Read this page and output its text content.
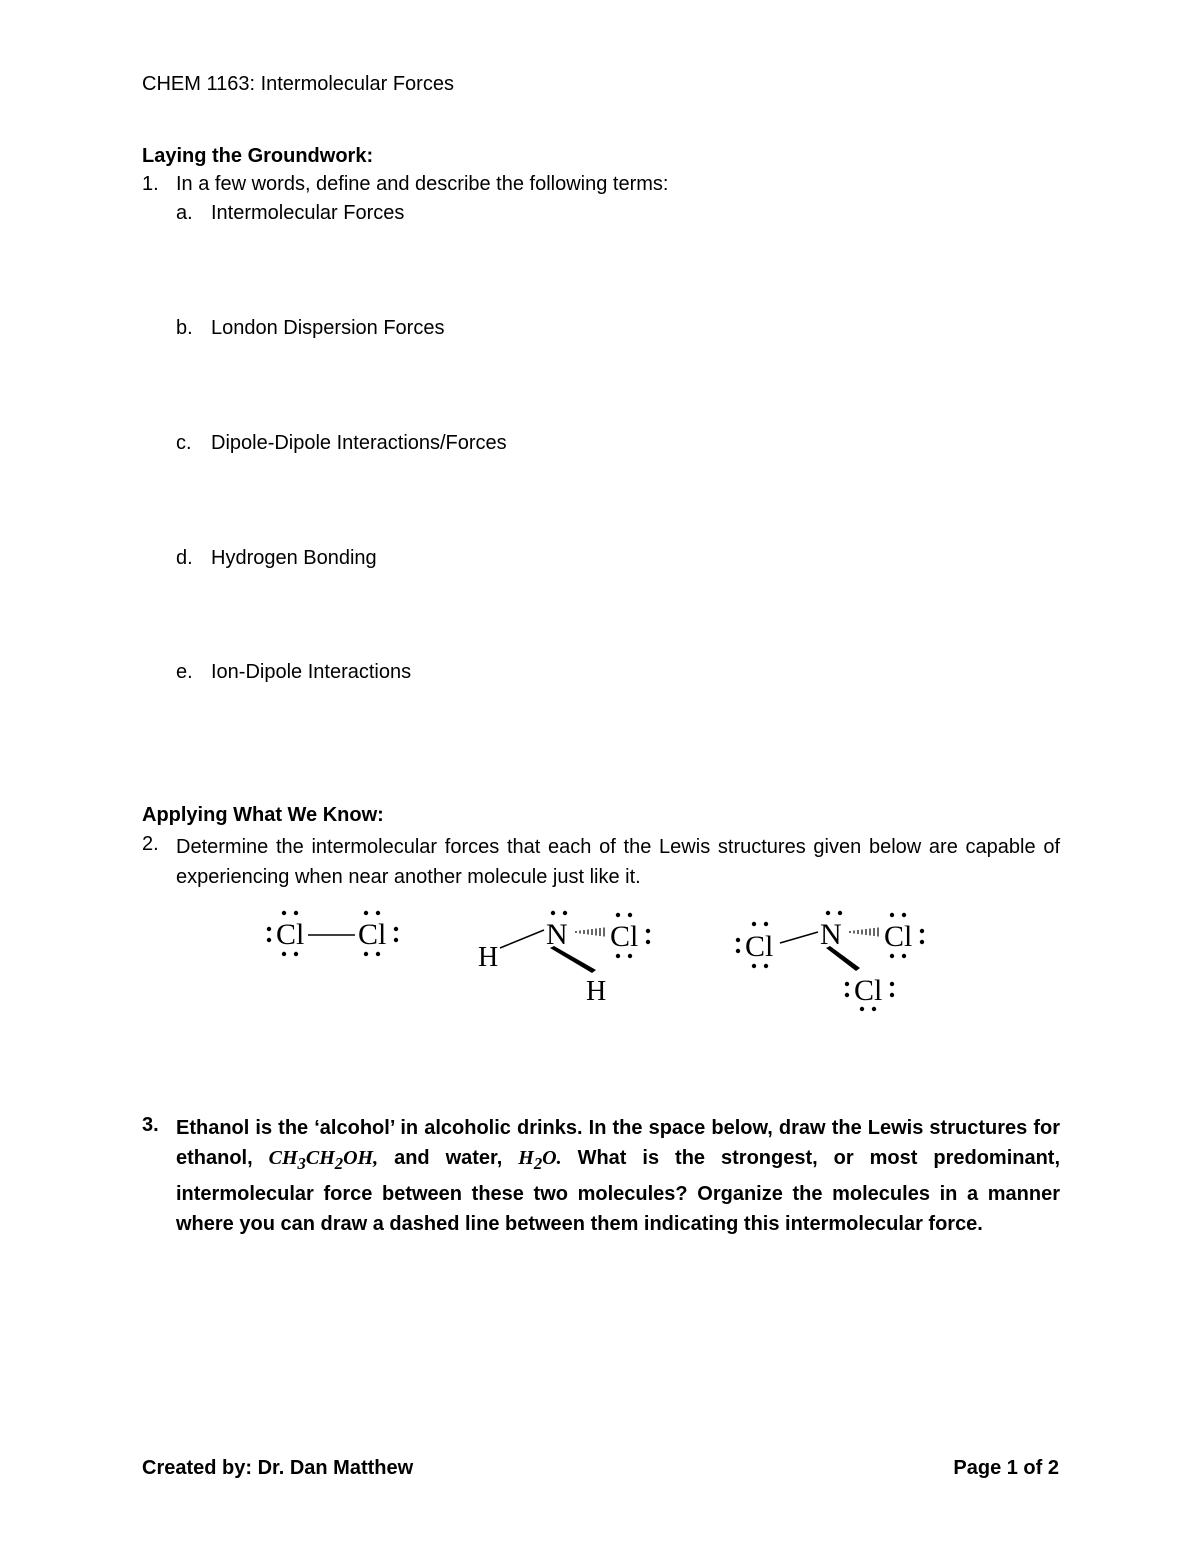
CHEM 1163: Intermolecular Forces
Laying the Groundwork:
1. In a few words, define and describe the following terms:
a. Intermolecular Forces
b. London Dispersion Forces
c. Dipole-Dipole Interactions/Forces
d. Hydrogen Bonding
e. Ion-Dipole Interactions
Applying What We Know:
2. Determine the intermolecular forces that each of the Lewis structures given below are capable of experiencing when near another molecule just like it.
Cl Cl
H
N Cl
H
Cl N Cl
Cl
3. Ethanol is the ‘alcohol’ in alcoholic drinks. In the space below, draw the Lewis structures for ethanol, $CH_3CH_2OH$, and water, $H_2O$. What is the strongest, or most predominant, intermolecular force between these two molecules? Organize the molecules in a manner where you can draw a dashed line between them indicating this intermolecular force.
Created by: Dr. Dan Matthew	Page 1 of 2
